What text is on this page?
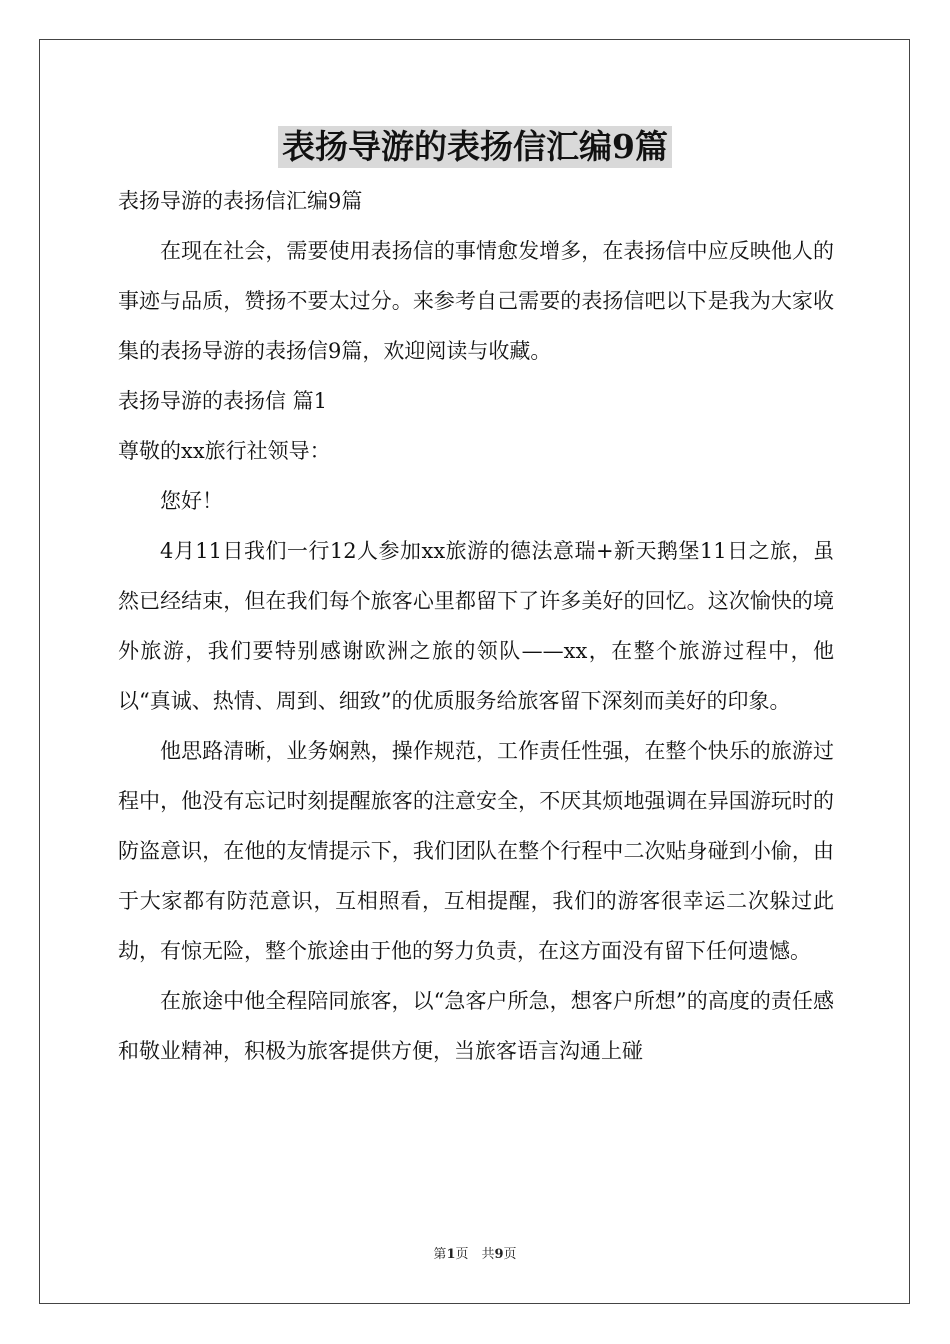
表扬导游的表扬信汇编9篇

表扬导游的表扬信汇编9篇

在现在社会，需要使用表扬信的事情愈发增多，在表扬信中应反映他人的事迹与品质，赞扬不要太过分。来参考自己需要的表扬信吧以下是我为大家收集的表扬导游的表扬信9篇，欢迎阅读与收藏。

表扬导游的表扬信 篇1

尊敬的xx旅行社领导：

您好！

4月11日我们一行12人参加xx旅游的德法意瑞+新天鹅堡11日之旅，虽然已经结束，但在我们每个旅客心里都留下了许多美好的回忆。这次愉快的境外旅游，我们要特别感谢欧洲之旅的领队——xx，在整个旅游过程中，他以“真诚、热情、周到、细致”的优质服务给旅客留下深刻而美好的印象。

他思路清晰，业务娴熟，操作规范，工作责任性强，在整个快乐的旅游过程中，他没有忘记时刻提醒旅客的注意安全，不厌其烦地强调在异国游玩时的防盗意识，在他的友情提示下，我们团队在整个行程中二次贴身碰到小偷，由于大家都有防范意识，互相照看，互相提醒，我们的游客很幸运二次躲过此劫，有惊无险，整个旅途由于他的努力负责，在这方面没有留下任何遗憾。

在旅途中他全程陪同旅客，以“急客户所急，想客户所想”的高度的责任感和敬业精神，积极为旅客提供方便，当旅客语言沟通上碰

第1页　共9页
